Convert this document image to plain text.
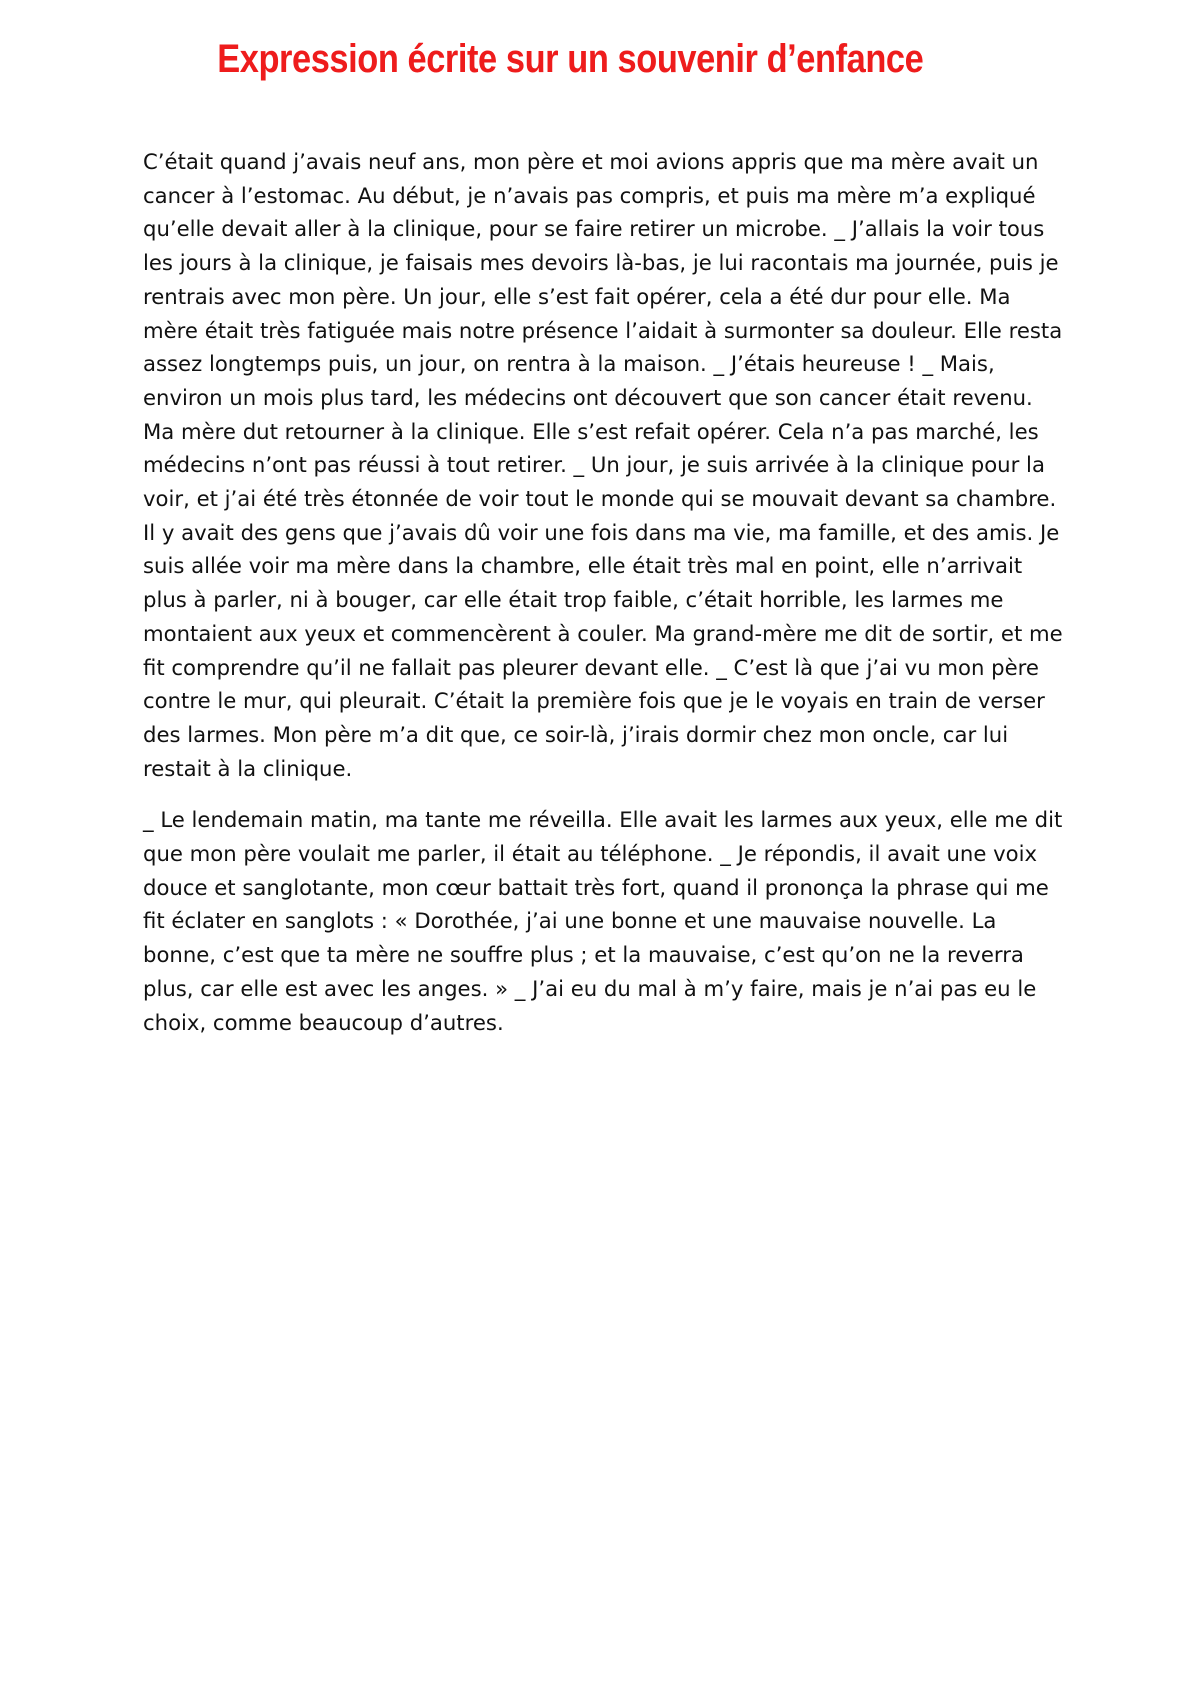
Expression écrite sur un souvenir d’enfance

C’était quand j’avais neuf ans, mon père et moi avions appris que ma mère avait un cancer à l’estomac. Au début, je n’avais pas compris, et puis ma mère m’a expliqué qu’elle devait aller à la clinique, pour se faire retirer un microbe. _ J’allais la voir tous les jours à la clinique, je faisais mes devoirs là-bas, je lui racontais ma journée, puis je rentrais avec mon père. Un jour, elle s’est fait opérer, cela a été dur pour elle. Ma mère était très fatiguée mais notre présence l’aidait à surmonter sa douleur. Elle resta assez longtemps puis, un jour, on rentra à la maison. _ J’étais heureuse ! _ Mais, environ un mois plus tard, les médecins ont découvert que son cancer était revenu. Ma mère dut retourner à la clinique. Elle s’est refait opérer. Cela n’a pas marché, les médecins n’ont pas réussi à tout retirer. _ Un jour, je suis arrivée à la clinique pour la voir, et j’ai été très étonnée de voir tout le monde qui se mouvait devant sa chambre. Il y avait des gens que j’avais dû voir une fois dans ma vie, ma famille, et des amis. Je suis allée voir ma mère dans la chambre, elle était très mal en point, elle n’arrivait plus à parler, ni à bouger, car elle était trop faible, c’était horrible, les larmes me montaient aux yeux et commencèrent à couler. Ma grand-mère me dit de sortir, et me fit comprendre qu’il ne fallait pas pleurer devant elle. _ C’est là que j’ai vu mon père contre le mur, qui pleurait. C’était la première fois que je le voyais en train de verser des larmes. Mon père m’a dit que, ce soir-là, j’irais dormir chez mon oncle, car lui restait à la clinique.

_ Le lendemain matin, ma tante me réveilla. Elle avait les larmes aux yeux, elle me dit que mon père voulait me parler, il était au téléphone. _ Je répondis, il avait une voix douce et sanglotante, mon cœur battait très fort, quand il prononça la phrase qui me fit éclater en sanglots : « Dorothée, j’ai une bonne et une mauvaise nouvelle. La bonne, c’est que ta mère ne souffre plus ; et la mauvaise, c’est qu’on ne la reverra plus, car elle est avec les anges. » _ J’ai eu du mal à m’y faire, mais je n’ai pas eu le choix, comme beaucoup d’autres.
